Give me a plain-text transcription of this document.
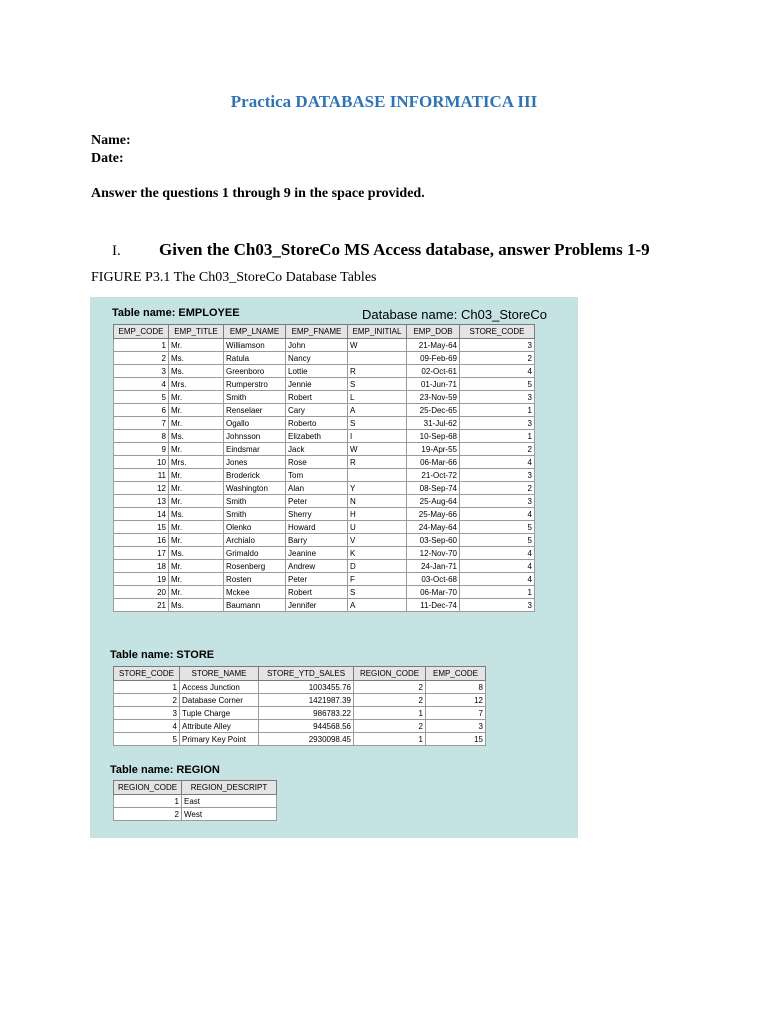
Practica DATABASE INFORMATICA III
Name:
Date:
Answer the questions 1 through 9 in the space provided.
I. Given the Ch03_StoreCo MS Access database, answer Problems 1-9
FIGURE P3.1 The Ch03_StoreCo Database Tables
Table name: EMPLOYEE	Database name: Ch03_StoreCo
EMP_CODE	EMP_TITLE	EMP_LNAME	EMP_FNAME	EMP_INITIAL	EMP_DOB	STORE_CODE
1	Mr.	Williamson	John	W	21-May-64	3
2	Ms.	Ratula	Nancy		09-Feb-69	2
3	Ms.	Greenboro	Lottie	R	02-Oct-61	4
4	Mrs.	Rumperstro	Jennie	S	01-Jun-71	5
5	Mr.	Smith	Robert	L	23-Nov-59	3
6	Mr.	Renselaer	Cary	A	25-Dec-65	1
7	Mr.	Ogallo	Roberto	S	31-Jul-62	3
8	Ms.	Johnsson	Elizabeth	I	10-Sep-68	1
9	Mr.	Eindsmar	Jack	W	19-Apr-55	2
10	Mrs.	Jones	Rose	R	06-Mar-66	4
11	Mr.	Broderick	Tom		21-Oct-72	3
12	Mr.	Washington	Alan	Y	08-Sep-74	2
13	Mr.	Smith	Peter	N	25-Aug-64	3
14	Ms.	Smith	Sherry	H	25-May-66	4
15	Mr.	Olenko	Howard	U	24-May-64	5
16	Mr.	Archialo	Barry	V	03-Sep-60	5
17	Ms.	Grimaldo	Jeanine	K	12-Nov-70	4
18	Mr.	Rosenberg	Andrew	D	24-Jan-71	4
19	Mr.	Rosten	Peter	F	03-Oct-68	4
20	Mr.	Mckee	Robert	S	06-Mar-70	1
21	Ms.	Baumann	Jennifer	A	11-Dec-74	3
Table name: STORE
STORE_CODE	STORE_NAME	STORE_YTD_SALES	REGION_CODE	EMP_CODE
1	Access Junction	1003455.76	2	8
2	Database Corner	1421987.39	2	12
3	Tuple Charge	986783.22	1	7
4	Attribute Alley	944568.56	2	3
5	Primary Key Point	2930098.45	1	15
Table name: REGION
REGION_CODE	REGION_DESCRIPT
1	East
2	West
